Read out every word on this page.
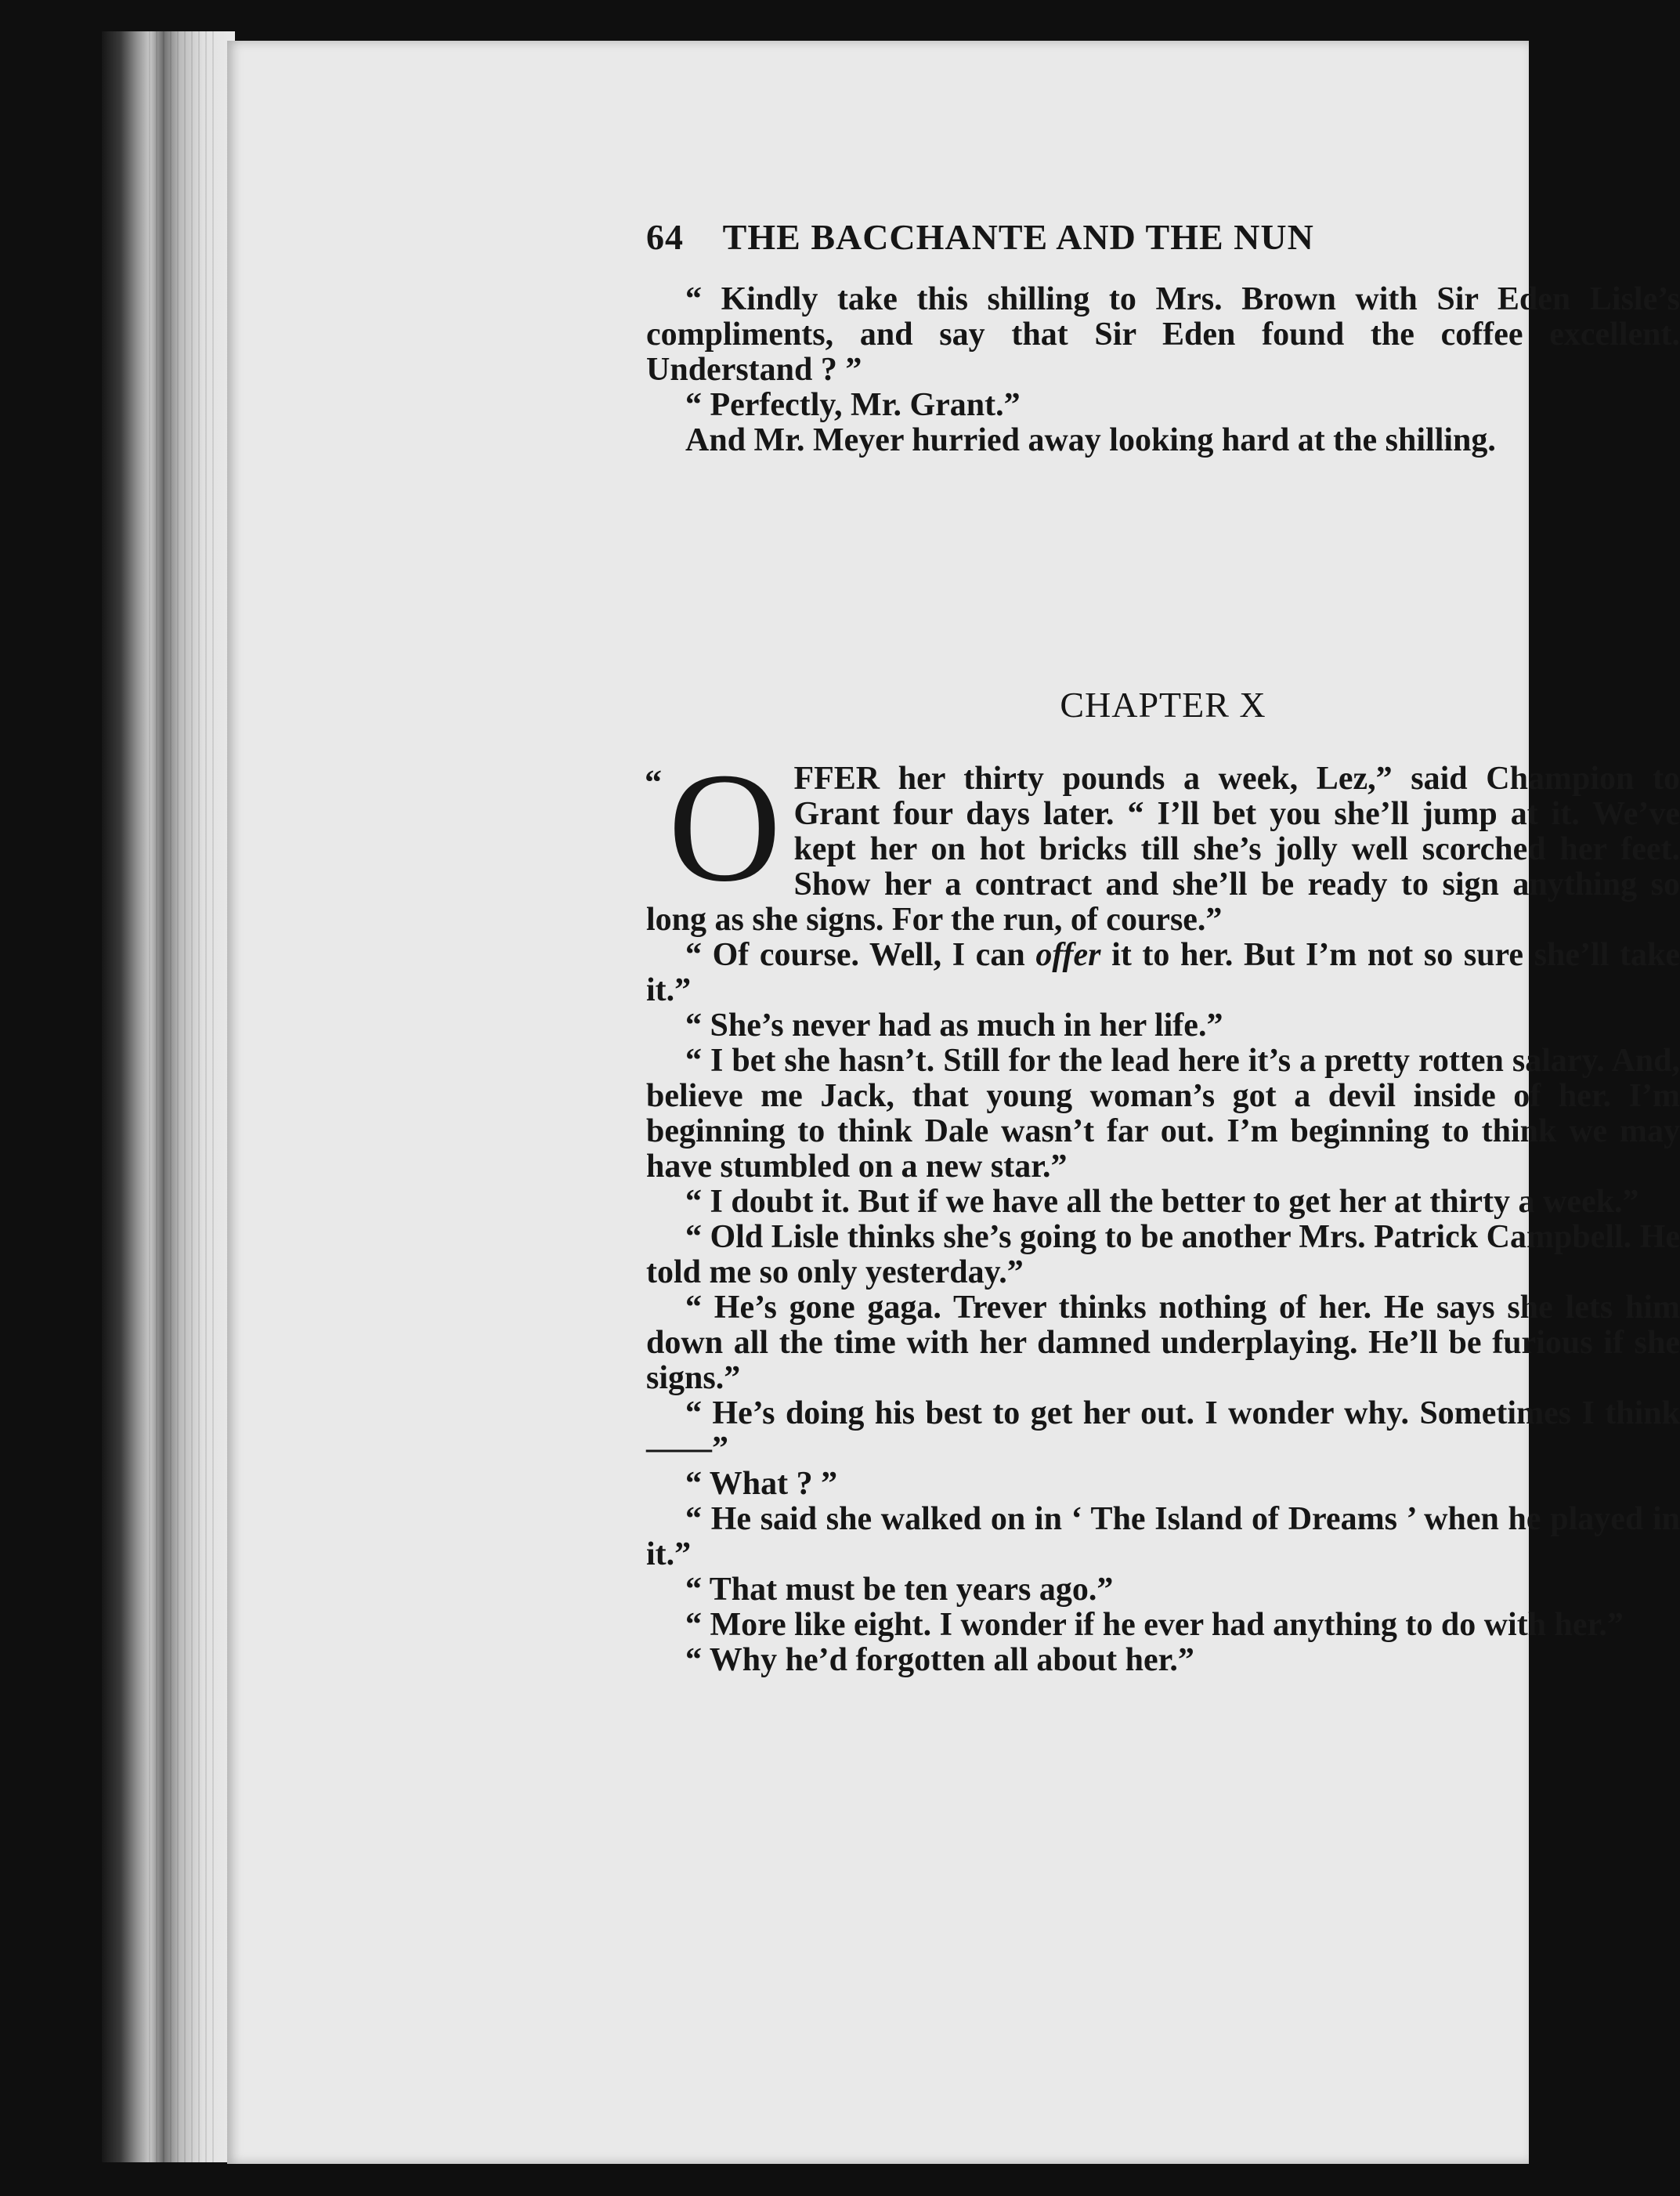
64 THE BACCHANTE AND THE NUN

“ Kindly take this shilling to Mrs. Brown with Sir Eden Lisle’s compliments, and say that Sir Eden found the coffee excellent. Understand ? ”

“ Perfectly, Mr. Grant.”

And Mr. Meyer hurried away looking hard at the shilling.

CHAPTER X
“ O FFER her thirty pounds a week, Lez,” said Champion to Grant four days later. “ I’ll bet you she’ll jump at it. We’ve kept her on hot bricks till she’s jolly well scorched her feet. Show her a contract and she’ll be ready to sign anything so long as she signs. For the run, of course.”

“ Of course. Well, I can offer it to her. But I’m not so sure she’ll take it.”

“ She’s never had as much in her life.”

“ I bet she hasn’t. Still for the lead here it’s a pretty rotten salary. And, believe me Jack, that young woman’s got a devil inside of her. I’m beginning to think Dale wasn’t far out. I’m beginning to think we may have stumbled on a new star.”

“ I doubt it. But if we have all the better to get her at thirty a week.”

“ Old Lisle thinks she’s going to be another Mrs. Patrick Campbell. He told me so only yesterday.”

“ He’s gone gaga. Trever thinks nothing of her. He says she lets him down all the time with her damned underplaying. He’ll be furious if she signs.”

“ He’s doing his best to get her out. I wonder why. Sometimes I think——”

“ What ? ”

“ He said she walked on in ‘ The Island of Dreams ’ when he played in it.”

“ That must be ten years ago.”

“ More like eight. I wonder if he ever had anything to do with her.”

“ Why he’d forgotten all about her.”
